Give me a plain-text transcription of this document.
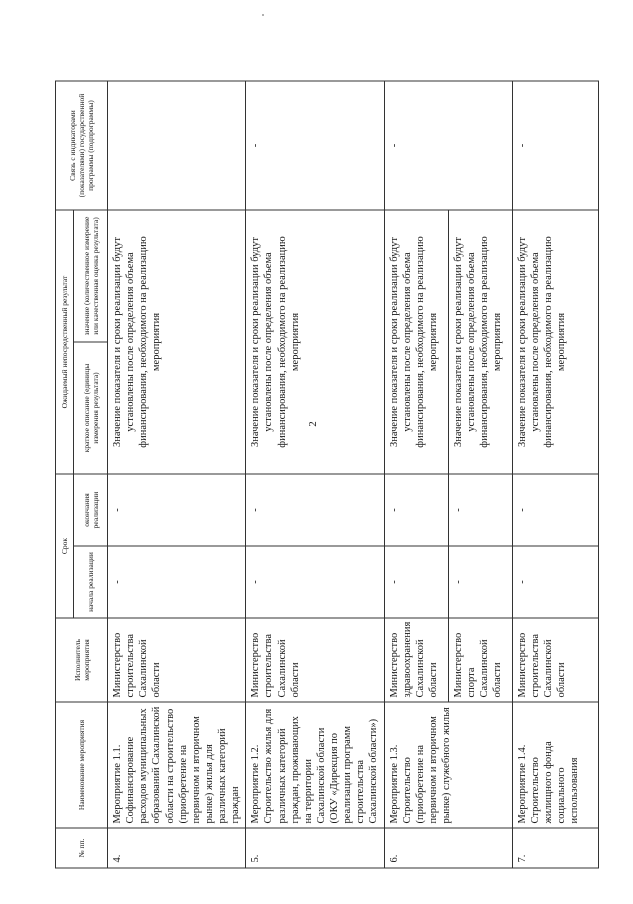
2
№ пп.	Наименование мероприятия	Исполнитель мероприятия	Срок		Ожидаемый непосредственный результат		Связь с индикаторами (показателями) государственной программы (подпрограммы)
			начала реализации	окончания реализации	краткое описание (единицы измерения результата)	значение (количественное измерение или качественная оценка результата)	
4.	Мероприятие 1.1. Софинансирование расходов муниципальных образований Сахалинской области на строительство (приобретение на первичном и вторичном рынке) жилья для различных категорий граждан	Министерство строительства Сахалинской области	-	-	Значение показателя и сроки реализации будут установлены после определения объема финансирования, необходимого на реализацию мероприятия		
5.	Мероприятие 1.2. Строительство жилья для различных категорий граждан, проживающих на территории Сахалинской области (ОКУ «Дирекция по реализации программ строительства Сахалинской области»)	Министерство строительства Сахалинской области	-	-	Значение показателя и сроки реализации будут установлены после определения объема финансирования, необходимого на реализацию мероприятия		-
6.	Мероприятие 1.3. Строительство (приобретение на первичном и вторичном рынке) служебного жилья	Министерство здравоохранения Сахалинской области	-	-	Значение показателя и сроки реализации будут установлены после определения объема финансирования, необходимого на реализацию мероприятия		-
		Министерство спорта Сахалинской области	-	-	Значение показателя и сроки реализации будут установлены после определения объема финансирования, необходимого на реализацию мероприятия		
7.	Мероприятие 1.4. Строительство жилищного фонда социального использования	Министерство строительства Сахалинской области	-	-	Значение показателя и сроки реализации будут установлены после определения объема финансирования, необходимого на реализацию мероприятия		-
